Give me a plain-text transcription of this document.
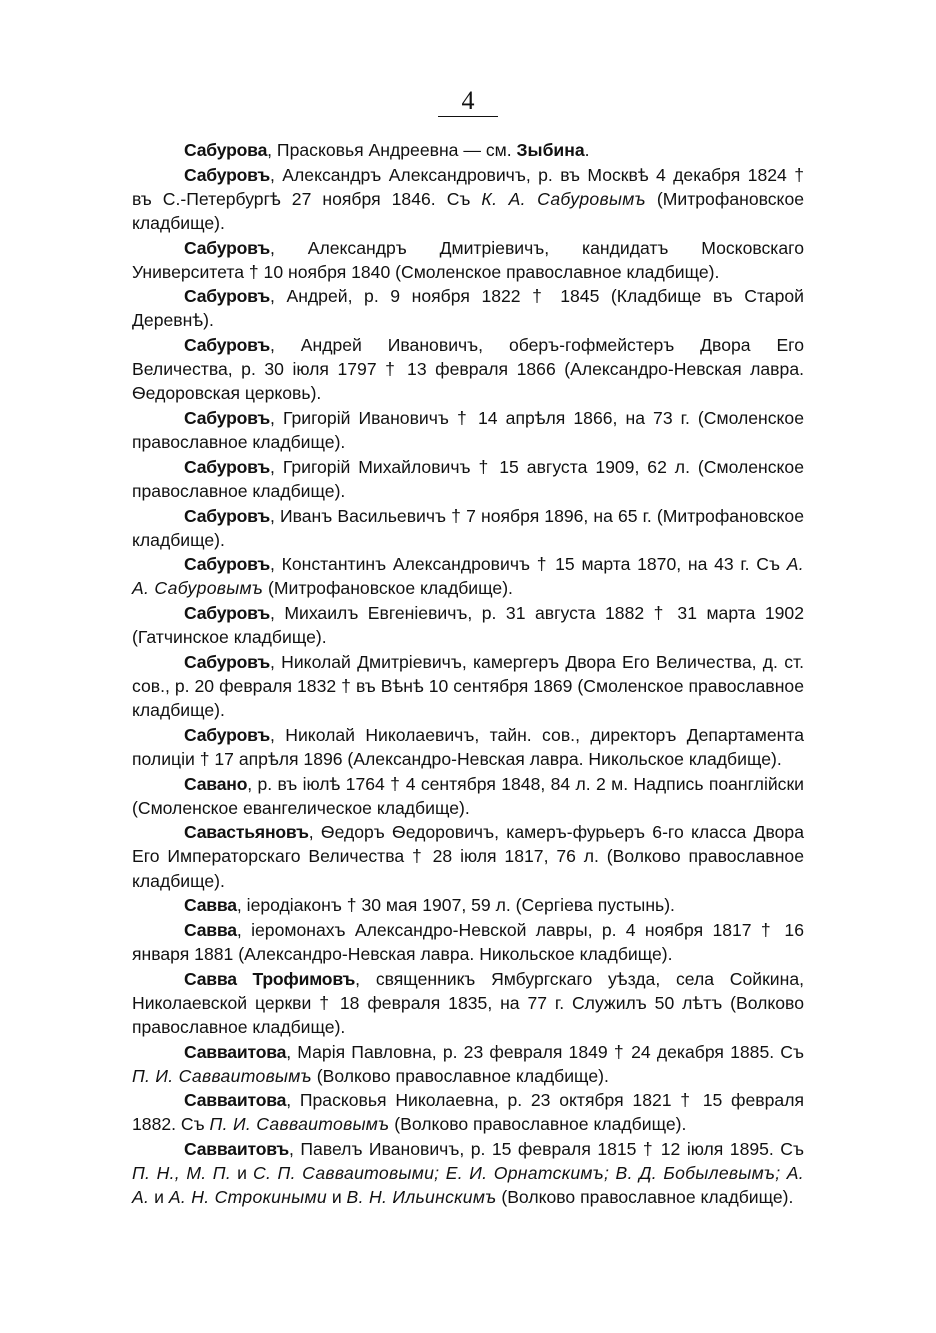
4

Сабурова, Прасковья Андреевна — см. Зыбина.

Сабуровъ, Александръ Александровичъ, р. въ Москвѣ 4 декабря 1824 † въ С.-Петербургѣ 27 ноября 1846. Съ К. А. Сабуровымъ (Митрофановское кладбище).

Сабуровъ, Александръ Дмитріевичъ, кандидатъ Московскаго Университета † 10 ноября 1840 (Смоленское православное кладбище).

Сабуровъ, Андрей, р. 9 ноября 1822 † 1845 (Кладбище въ Старой Деревнѣ).

Сабуровъ, Андрей Ивановичъ, оберъ-гофмейстеръ Двора Его Величества, р. 30 іюля 1797 † 13 февраля 1866 (Александро-Невская лавра. Ѳедоровская церковь).

Сабуровъ, Григорій Ивановичъ † 14 апрѣля 1866, на 73 г. (Смоленское православное кладбище).

Сабуровъ, Григорій Михайловичъ † 15 августа 1909, 62 л. (Смоленское православное кладбище).

Сабуровъ, Иванъ Васильевичъ † 7 ноября 1896, на 65 г. (Митрофановское кладбище).

Сабуровъ, Константинъ Александровичъ † 15 марта 1870, на 43 г. Съ А. А. Сабуровымъ (Митрофановское кладбище).

Сабуровъ, Михаилъ Евгеніевичъ, р. 31 августа 1882 † 31 марта 1902 (Гатчинское кладбище).

Сабуровъ, Николай Дмитріевичъ, камергеръ Двора Его Величества, д. ст. сов., р. 20 февраля 1832 † въ Вѣнѣ 10 сентября 1869 (Смоленское православное кладбище).

Сабуровъ, Николай Николаевичъ, тайн. сов., директоръ Департамента полиціи † 17 апрѣля 1896 (Александро-Невская лавра. Никольское кладбище).

Савано, р. въ іюлѣ 1764 † 4 сентября 1848, 84 л. 2 м. Надпись поанглійски (Смоленское евангелическое кладбище).

Савастьяновъ, Ѳедоръ Ѳедоровичъ, камеръ-фурьеръ 6-го класса Двора Его Императорскаго Величества † 28 іюля 1817, 76 л. (Волково православное кладбище).

Савва, іеродіаконъ † 30 мая 1907, 59 л. (Сергіева пустынь).

Савва, іеромонахъ Александро-Невской лавры, р. 4 ноября 1817 † 16 января 1881 (Александро-Невская лавра. Никольское кладбище).

Савва Трофимовъ, священникъ Ямбургскаго уѣзда, села Сойкина, Николаевской церкви † 18 февраля 1835, на 77 г. Служилъ 50 лѣтъ (Волково православное кладбище).

Савваитова, Марія Павловна, р. 23 февраля 1849 † 24 декабря 1885. Съ П. И. Савваитовымъ (Волково православное кладбище).

Савваитова, Прасковья Николаевна, р. 23 октября 1821 † 15 февраля 1882. Съ П. И. Савваитовымъ (Волково православное кладбище).

Савваитовъ, Павелъ Ивановичъ, р. 15 февраля 1815 † 12 іюля 1895. Съ П. Н., М. П. и С. П. Савваитовыми; Е. И. Орнатскимъ; В. Д. Бобылевымъ; А. А. и А. Н. Строкиными и В. Н. Ильинскимъ (Волково православное кладбище).
